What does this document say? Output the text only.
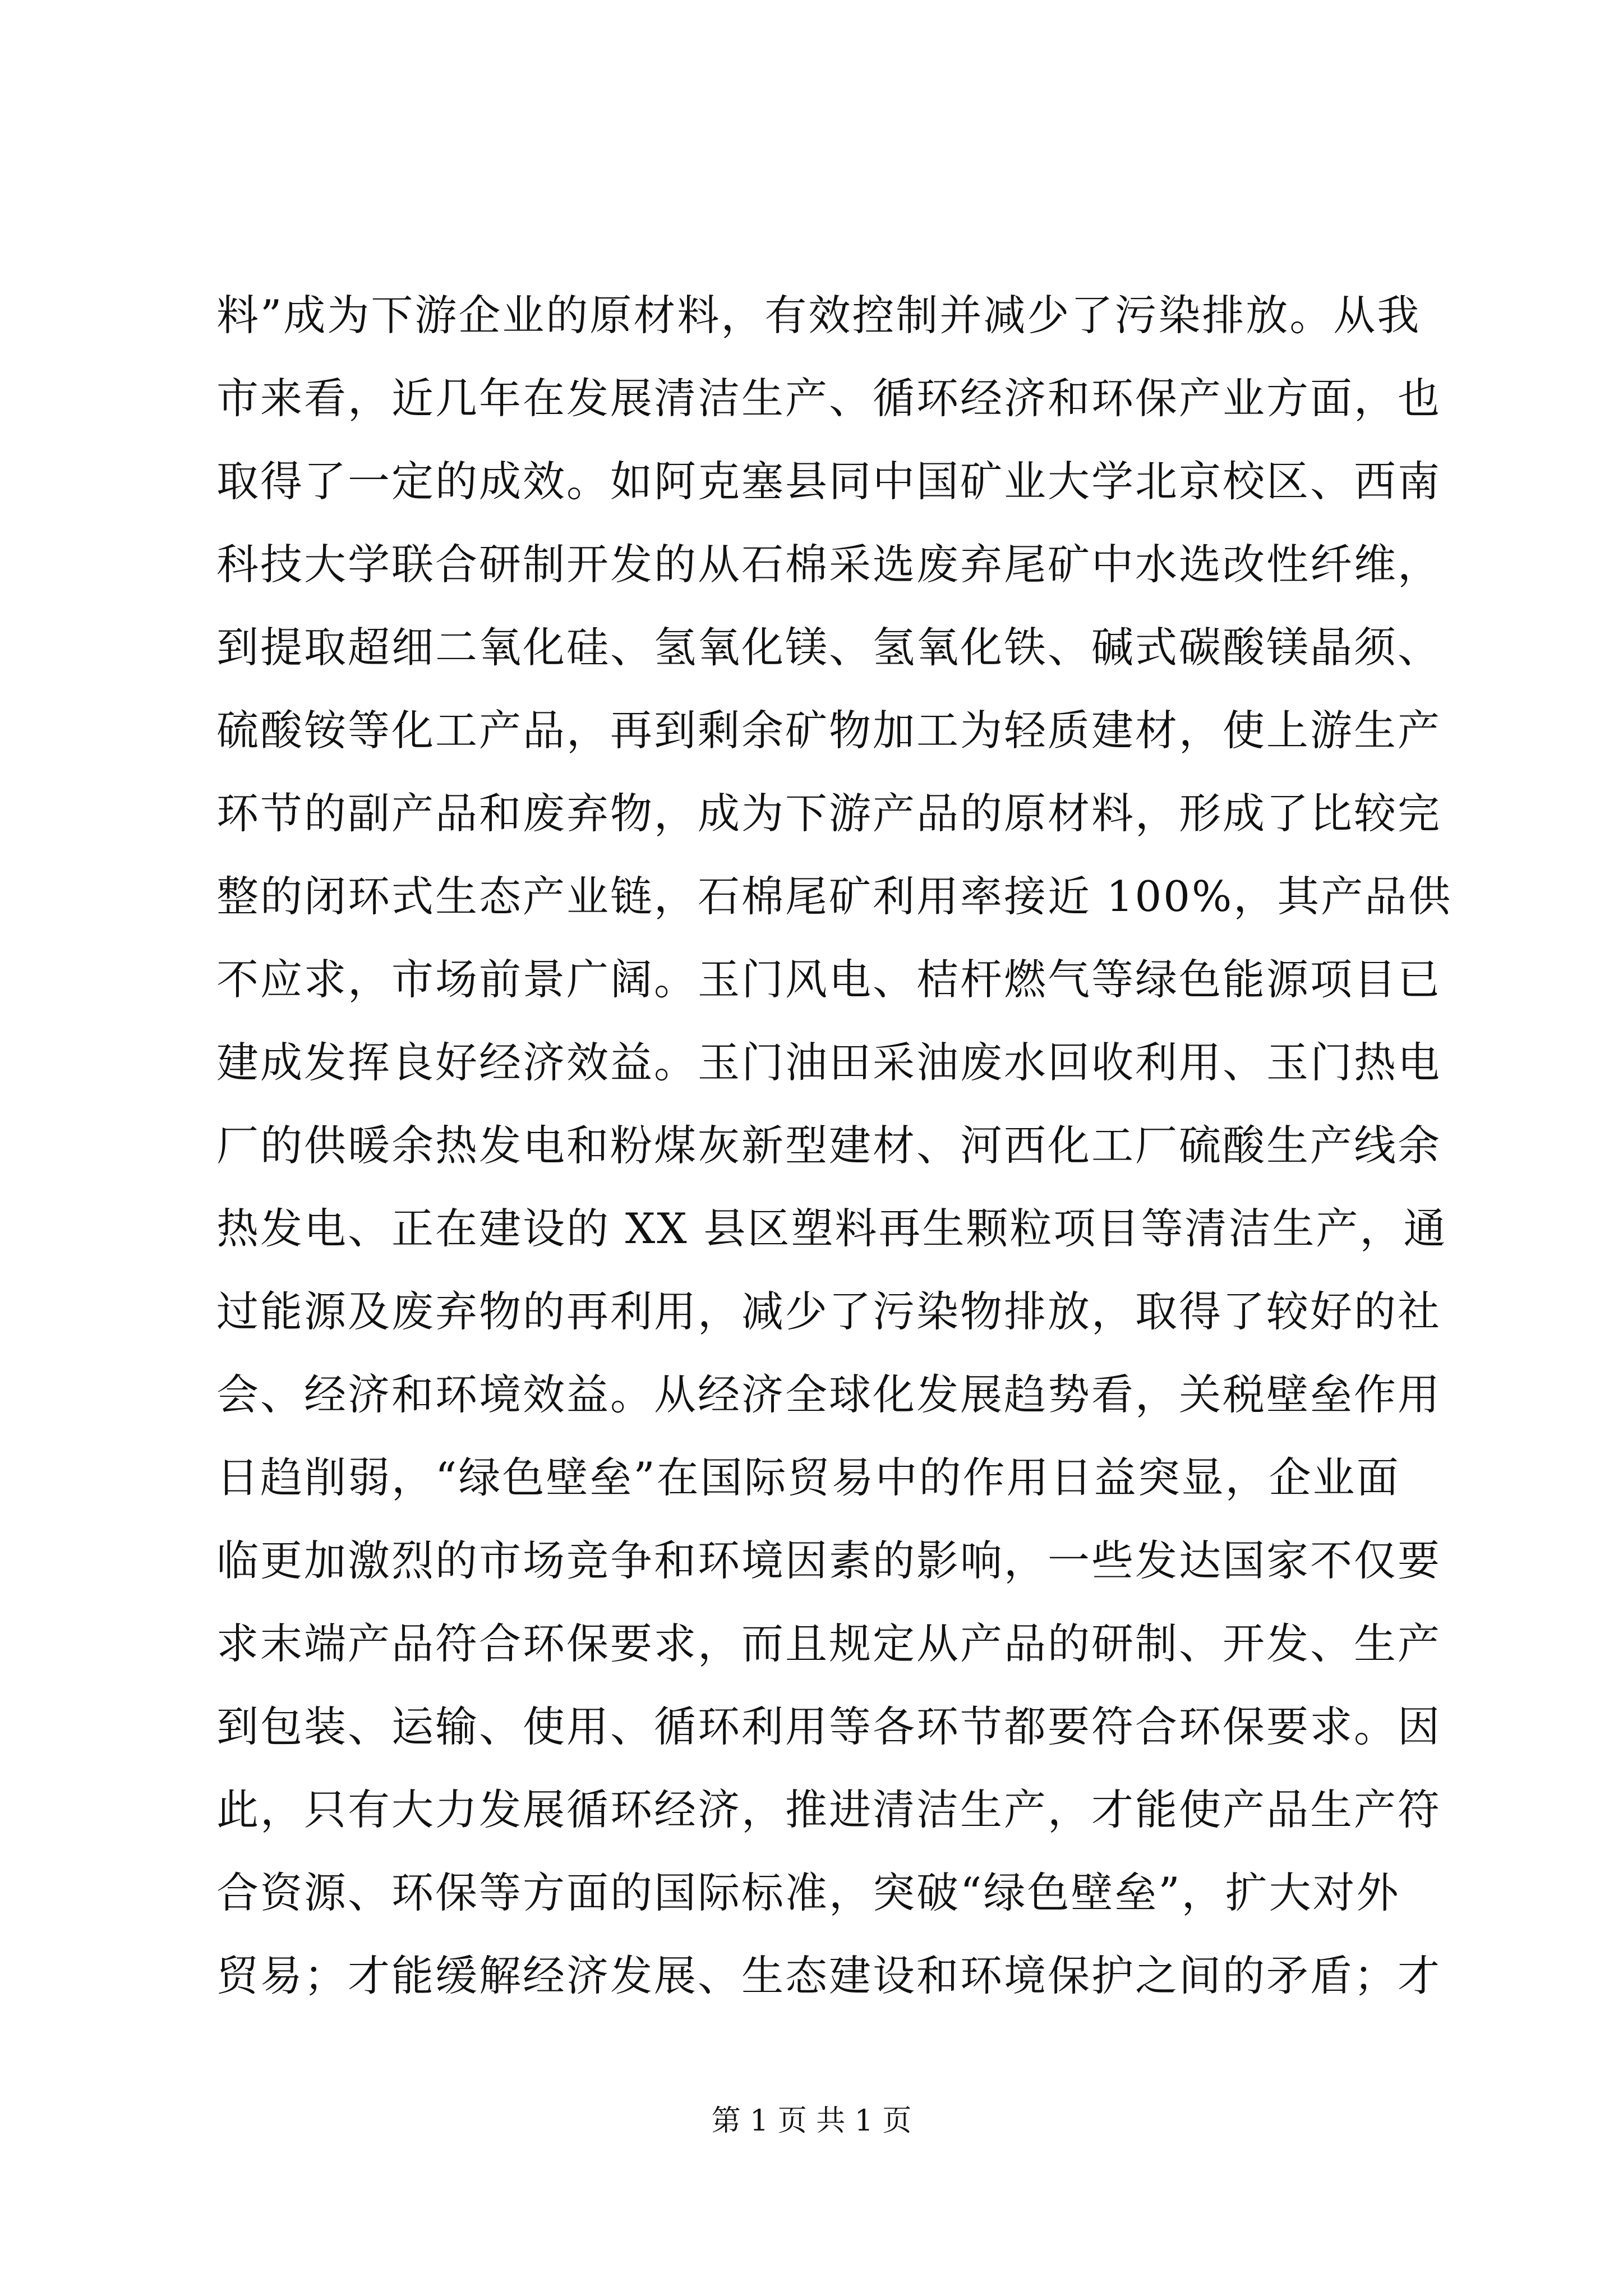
料”成为下游企业的原材料，有效控制并减少了污染排放。从我
市来看，近几年在发展清洁生产、循环经济和环保产业方面，也
取得了一定的成效。如阿克塞县同中国矿业大学北京校区、西南
科技大学联合研制开发的从石棉采选废弃尾矿中水选改性纤维，
到提取超细二氧化硅、氢氧化镁、氢氧化铁、碱式碳酸镁晶须、
硫酸铵等化工产品，再到剩余矿物加工为轻质建材，使上游生产
环节的副产品和废弃物，成为下游产品的原材料，形成了比较完
整的闭环式生态产业链，石棉尾矿利用率接近 100%，其产品供
不应求，市场前景广阔。玉门风电、桔杆燃气等绿色能源项目已
建成发挥良好经济效益。玉门油田采油废水回收利用、玉门热电
厂的供暖余热发电和粉煤灰新型建材、河西化工厂硫酸生产线余
热发电、正在建设的 XX 县区塑料再生颗粒项目等清洁生产，通
过能源及废弃物的再利用，减少了污染物排放，取得了较好的社
会、经济和环境效益。从经济全球化发展趋势看，关税壁垒作用
日趋削弱，“绿色壁垒”在国际贸易中的作用日益突显，企业面
临更加激烈的市场竞争和环境因素的影响，一些发达国家不仅要
求末端产品符合环保要求，而且规定从产品的研制、开发、生产
到包装、运输、使用、循环利用等各环节都要符合环保要求。因
此，只有大力发展循环经济，推进清洁生产，才能使产品生产符
合资源、环保等方面的国际标准，突破“绿色壁垒”，扩大对外
贸易；才能缓解经济发展、生态建设和环境保护之间的矛盾；才
第 1 页 共 1 页
